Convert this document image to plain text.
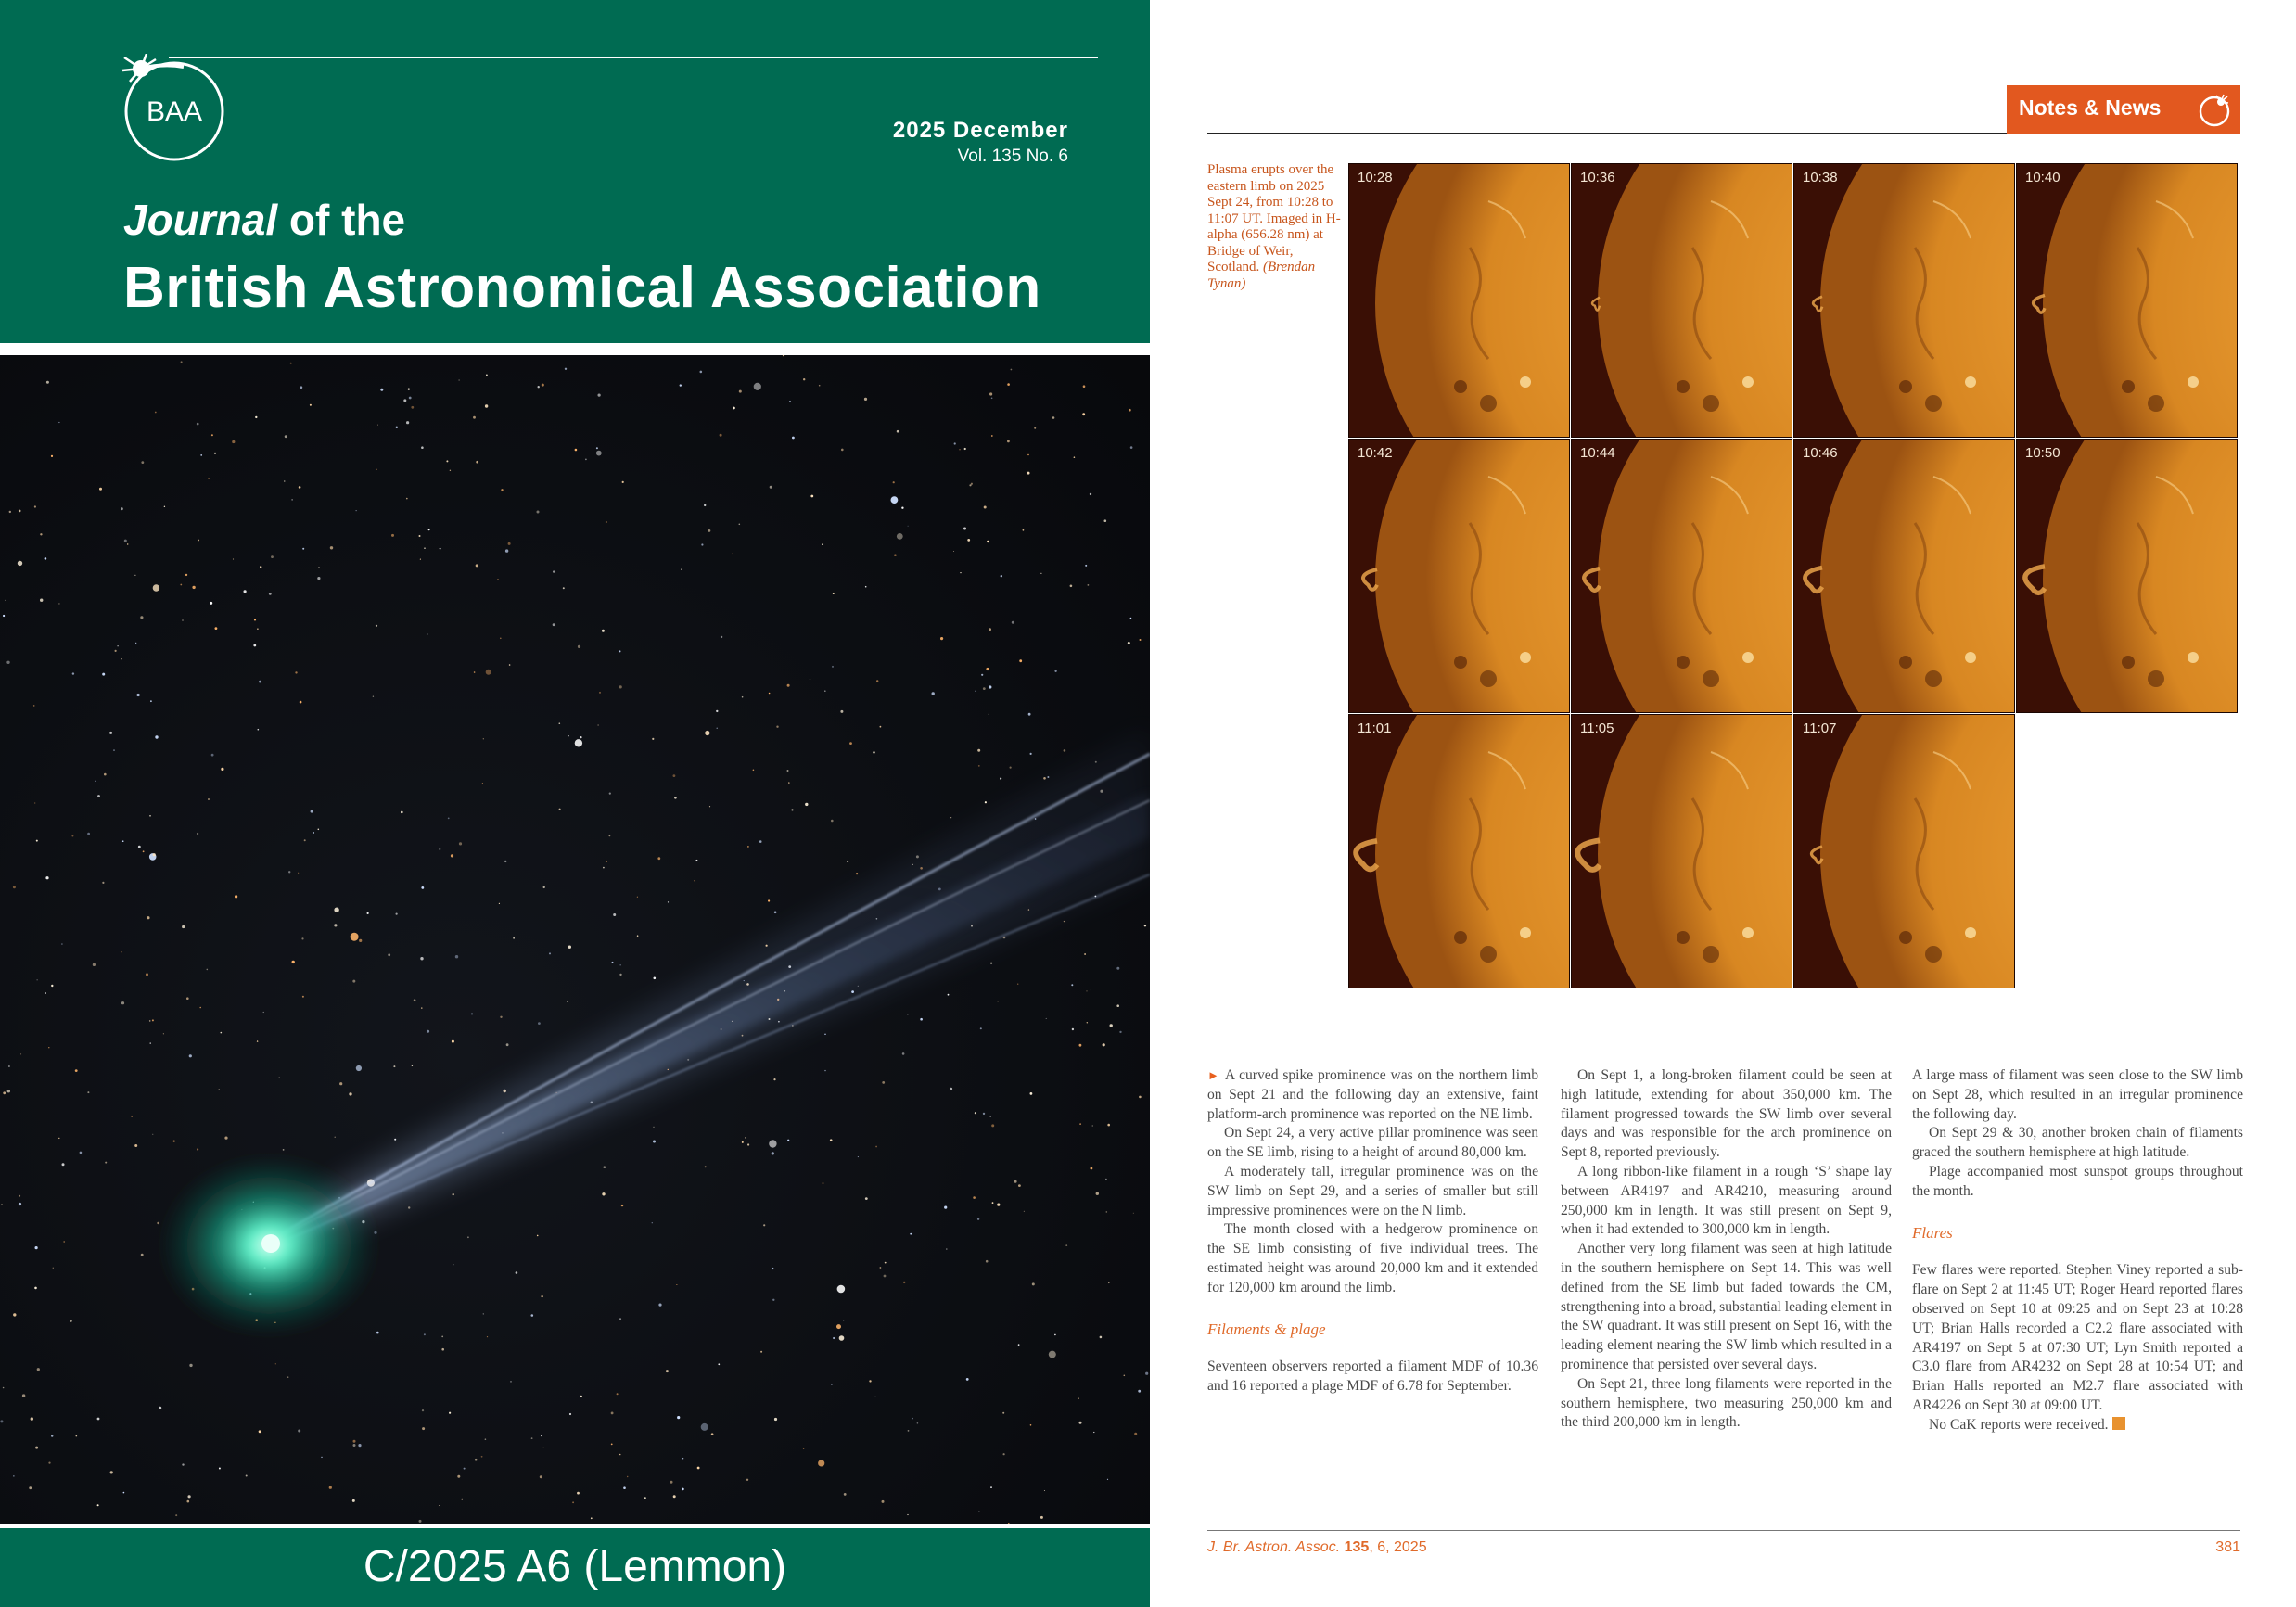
BAA
2025 December
Vol. 135 No. 6
Journal of the
British Astronomical Association
C/2025 A6 (Lemmon)
Notes & News
Plasma erupts over the eastern limb on 2025 Sept 24, from 10:28 to 11:07 UT. Imaged in H-alpha (656.28 nm) at Bridge of Weir, Scotland. (Brendan Tynan)
10:28	10:36	10:38	10:40
10:42	10:44	10:46	10:50
11:01	11:05	11:07

► A curved spike prominence was on the northern limb on Sept 21 and the following day an extensive, faint platform-arch prominence was reported on the NE limb.

On Sept 24, a very active pillar prominence was seen on the SE limb, rising to a height of around 80,000 km.

A moderately tall, irregular prominence was on the SW limb on Sept 29, and a series of smaller but still impressive prominences were on the N limb.

The month closed with a hedgerow prominence on the SE limb consisting of five individual trees. The estimated height was around 20,000 km and it extended for 120,000 km around the limb.

Filaments & plage

Seventeen observers reported a filament MDF of 10.36 and 16 reported a plage MDF of 6.78 for September.

On Sept 1, a long-broken filament could be seen at high latitude, extending for about 350,000 km. The filament progressed towards the SW limb over several days and was responsible for the arch prominence on Sept 8, reported previously.

A long ribbon-like filament in a rough ‘S’ shape lay between AR4197 and AR4210, measuring around 250,000 km in length. It was still present on Sept 9, when it had extended to 300,000 km in length.

Another very long filament was seen at high latitude in the southern hemisphere on Sept 14. This was well defined from the SE limb but faded towards the CM, strengthening into a broad, substantial leading element in the SW quadrant. It was still present on Sept 16, with the leading element nearing the SW limb which resulted in a prominence that persisted over several days.

On Sept 21, three long filaments were reported in the southern hemisphere, two measuring 250,000 km and the third 200,000 km in length.

A large mass of filament was seen close to the SW limb on Sept 28, which resulted in an irregular prominence the following day.

On Sept 29 & 30, another broken chain of filaments graced the southern hemisphere at high latitude.

Plage accompanied most sunspot groups throughout the month.

Flares

Few flares were reported. Stephen Viney reported a sub-flare on Sept 2 at 11:45 UT; Roger Heard reported flares observed on Sept 10 at 09:25 and on Sept 23 at 10:28 UT; Brian Halls recorded a C2.2 flare associated with AR4197 on Sept 5 at 07:30 UT; Lyn Smith reported a C3.0 flare from AR4232 on Sept 28 at 10:54 UT; and Brian Halls reported an M2.7 flare associated with AR4226 on Sept 30 at 09:00 UT.

No CaK reports were received.

J. Br. Astron. Assoc. 135, 6, 2025	381
